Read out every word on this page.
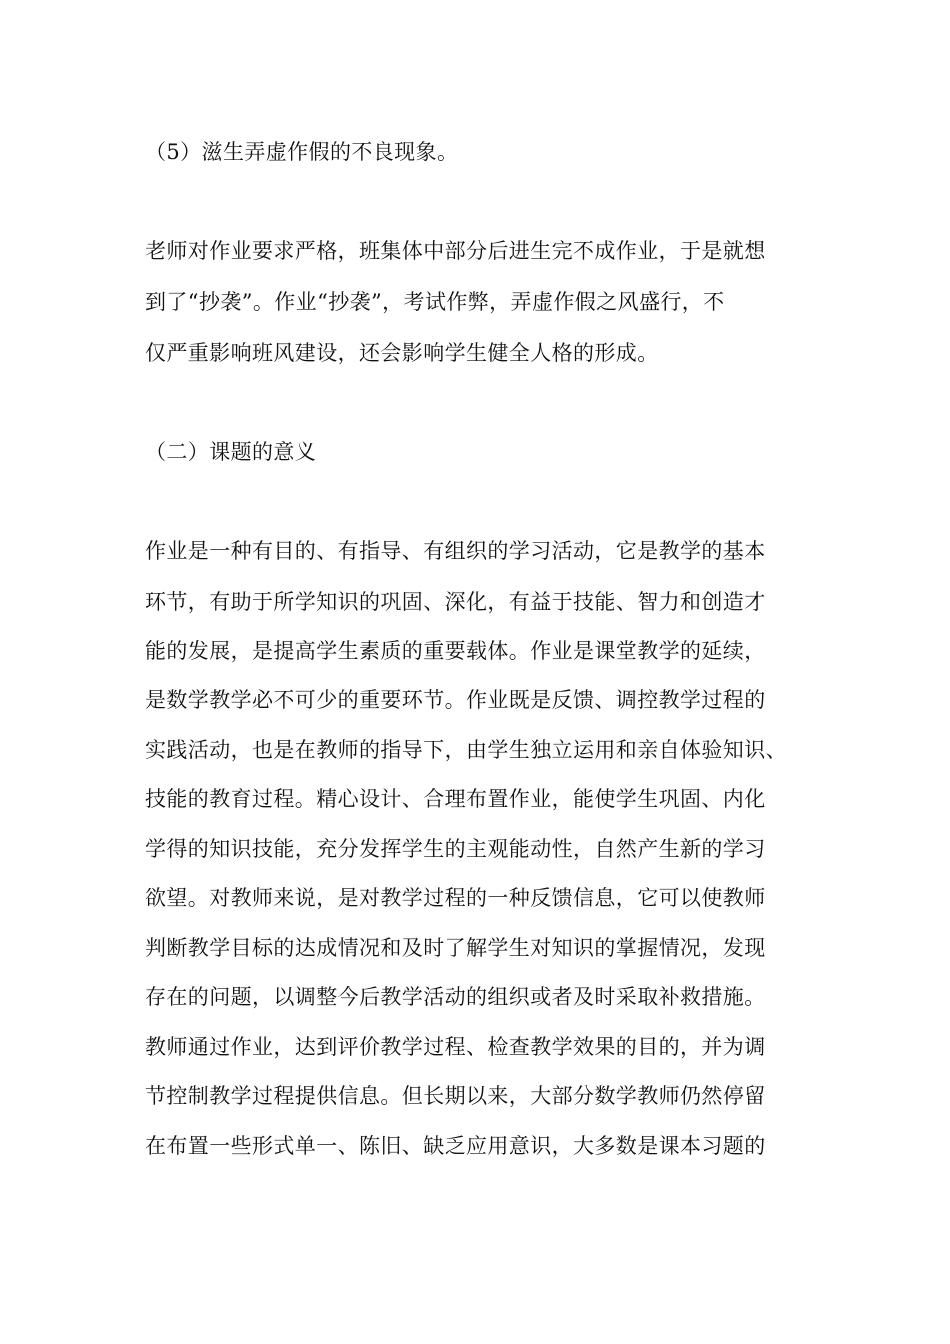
（5）滋生弄虚作假的不良现象。
老师对作业要求严格，班集体中部分后进生完不成作业，于是就想
到了“抄袭”。作业“抄袭”，考试作弊，弄虚作假之风盛行，不
仅严重影响班风建设，还会影响学生健全人格的形成。
（二）课题的意义
作业是一种有目的、有指导、有组织的学习活动，它是教学的基本
环节，有助于所学知识的巩固、深化，有益于技能、智力和创造才
能的发展，是提高学生素质的重要载体。作业是课堂教学的延续，
是数学教学必不可少的重要环节。作业既是反馈、调控教学过程的
实践活动，也是在教师的指导下，由学生独立运用和亲自体验知识、
技能的教育过程。精心设计、合理布置作业，能使学生巩固、内化
学得的知识技能，充分发挥学生的主观能动性，自然产生新的学习
欲望。对教师来说，是对教学过程的一种反馈信息，它可以使教师
判断教学目标的达成情况和及时了解学生对知识的掌握情况，发现
存在的问题，以调整今后教学活动的组织或者及时采取补救措施。
教师通过作业，达到评价教学过程、检查教学效果的目的，并为调
节控制教学过程提供信息。但长期以来，大部分数学教师仍然停留
在布置一些形式单一、陈旧、缺乏应用意识，大多数是课本习题的
